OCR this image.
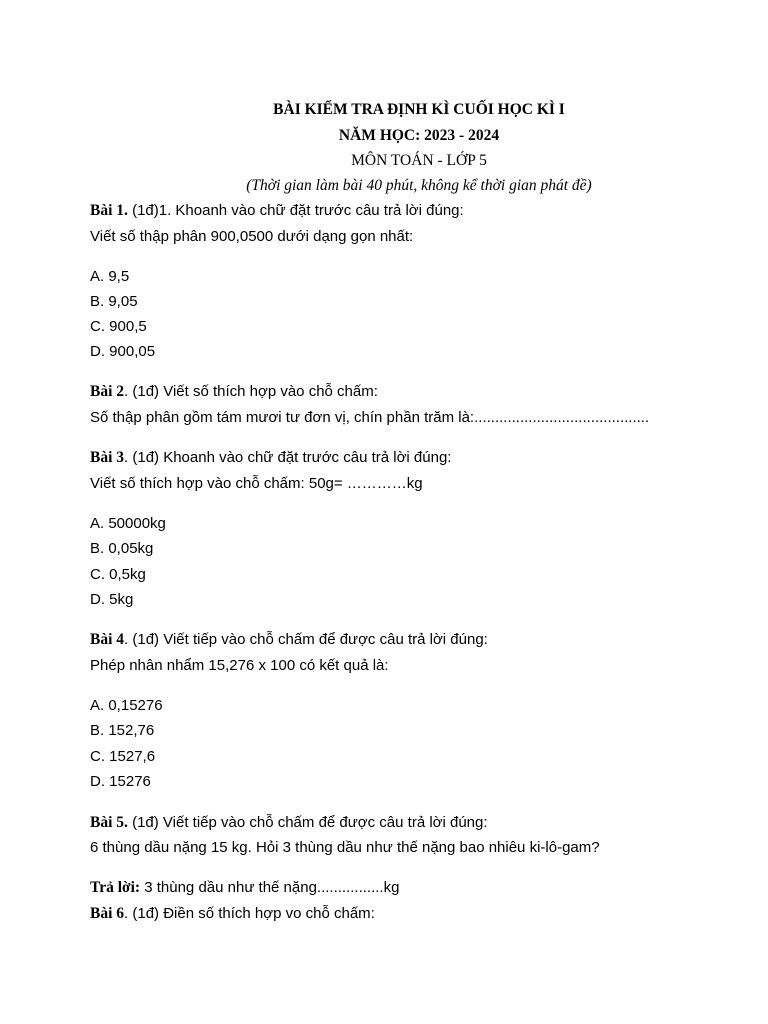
BÀI KIỂM TRA ĐỊNH KÌ CUỐI HỌC KÌ I
NĂM HỌC: 2023 - 2024
MÔN TOÁN - LỚP 5
(Thời gian làm bài 40 phút, không kể thời gian phát đề)
Bài 1. (1đ)1. Khoanh vào chữ đặt trước câu trả lời đúng:
Viết số thập phân 900,0500 dưới dạng gọn nhất:
A. 9,5
B. 9,05
C. 900,5
D. 900,05
Bài 2. (1đ) Viết số thích hợp vào chỗ chấm:
Số thập phân gồm tám mươi tư đơn vị, chín phần trăm là:..........................................
Bài 3. (1đ) Khoanh vào chữ đặt trước câu trả lời đúng:
Viết số thích hợp vào chỗ chấm: 50g= …………kg
A. 50000kg
B. 0,05kg
C. 0,5kg
D. 5kg
Bài 4. (1đ) Viết tiếp vào chỗ chấm để được câu trả lời đúng:
Phép nhân nhẩm 15,276 x 100 có kết quả là:
A. 0,15276
B. 152,76
C. 1527,6
D. 15276
Bài 5. (1đ) Viết tiếp vào chỗ chấm để được câu trả lời đúng:
6 thùng dầu nặng 15 kg. Hỏi 3 thùng dầu như thế nặng bao nhiêu ki-lô-gam?
Trả lời: 3 thùng dầu như thế nặng................kg
Bài 6. (1đ) Điền số thích hợp vo chỗ chấm:
